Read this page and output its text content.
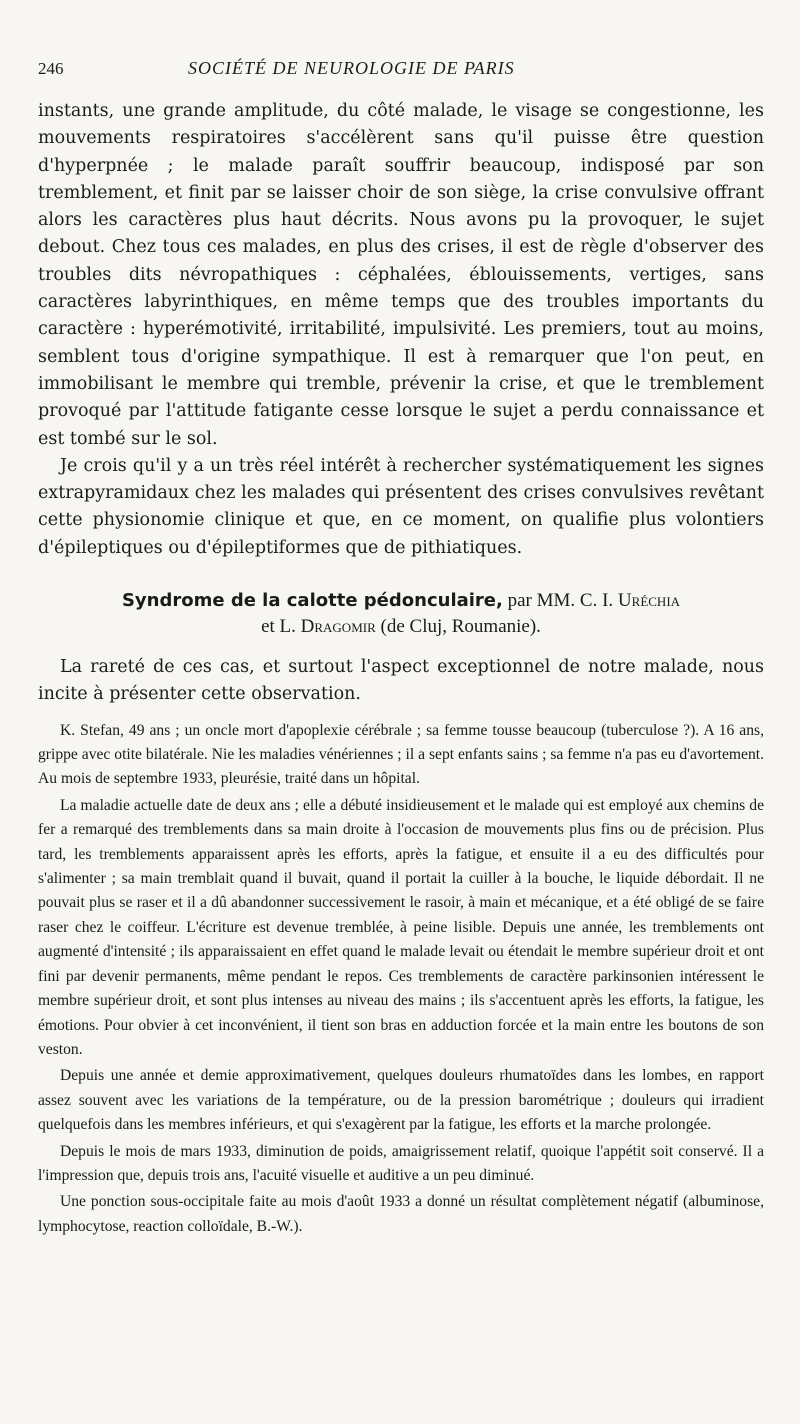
246	SOCIÉTÉ DE NEUROLOGIE DE PARIS

instants, une grande amplitude, du côté malade, le visage se congestionne, les mouvements respiratoires s'accélèrent sans qu'il puisse être question d'hyperpnée ; le malade paraît souffrir beaucoup, indisposé par son tremblement, et finit par se laisser choir de son siège, la crise convulsive offrant alors les caractères plus haut décrits. Nous avons pu la provoquer, le sujet debout. Chez tous ces malades, en plus des crises, il est de règle d'observer des troubles dits névropathiques : céphalées, éblouissements, vertiges, sans caractères labyrinthiques, en même temps que des troubles importants du caractère : hyperémotivité, irritabilité, impulsivité. Les premiers, tout au moins, semblent tous d'origine sympathique. Il est à remarquer que l'on peut, en immobilisant le membre qui tremble, prévenir la crise, et que le tremblement provoqué par l'attitude fatigante cesse lorsque le sujet a perdu connaissance et est tombé sur le sol.

Je crois qu'il y a un très réel intérêt à rechercher systématiquement les signes extrapyramidaux chez les malades qui présentent des crises convulsives revêtant cette physionomie clinique et que, en ce moment, on qualifie plus volontiers d'épileptiques ou d'épileptiformes que de pithiatiques.

Syndrome de la calotte pédonculaire, par MM. C. I. Uréchia
et L. Dragomir (de Cluj, Roumanie).

La rareté de ces cas, et surtout l'aspect exceptionnel de notre malade, nous incite à présenter cette observation.

K. Stefan, 49 ans ; un oncle mort d'apoplexie cérébrale ; sa femme tousse beaucoup (tuberculose ?). A 16 ans, grippe avec otite bilatérale. Nie les maladies vénériennes ; il a sept enfants sains ; sa femme n'a pas eu d'avortement. Au mois de septembre 1933, pleurésie, traité dans un hôpital.

La maladie actuelle date de deux ans ; elle a débuté insidieusement et le malade qui est employé aux chemins de fer a remarqué des tremblements dans sa main droite à l'occasion de mouvements plus fins ou de précision. Plus tard, les tremblements apparaissent après les efforts, après la fatigue, et ensuite il a eu des difficultés pour s'alimenter ; sa main tremblait quand il buvait, quand il portait la cuiller à la bouche, le liquide débordait. Il ne pouvait plus se raser et il a dû abandonner successivement le rasoir, à main et mécanique, et a été obligé de se faire raser chez le coiffeur. L'écriture est devenue tremblée, à peine lisible. Depuis une année, les tremblements ont augmenté d'intensité ; ils apparaissaient en effet quand le malade levait ou étendait le membre supérieur droit et ont fini par devenir permanents, même pendant le repos. Ces tremblements de caractère parkinsonien intéressent le membre supérieur droit, et sont plus intenses au niveau des mains ; ils s'accentuent après les efforts, la fatigue, les émotions. Pour obvier à cet inconvénient, il tient son bras en adduction forcée et la main entre les boutons de son veston.

Depuis une année et demie approximativement, quelques douleurs rhumatoïdes dans les lombes, en rapport assez souvent avec les variations de la température, ou de la pression barométrique ; douleurs qui irradient quelquefois dans les membres inférieurs, et qui s'exagèrent par la fatigue, les efforts et la marche prolongée.

Depuis le mois de mars 1933, diminution de poids, amaigrissement relatif, quoique l'appétit soit conservé. Il a l'impression que, depuis trois ans, l'acuité visuelle et auditive a un peu diminué.

Une ponction sous-occipitale faite au mois d'août 1933 a donné un résultat complètement négatif (albuminose, lymphocytose, reaction colloïdale, B.-W.).
